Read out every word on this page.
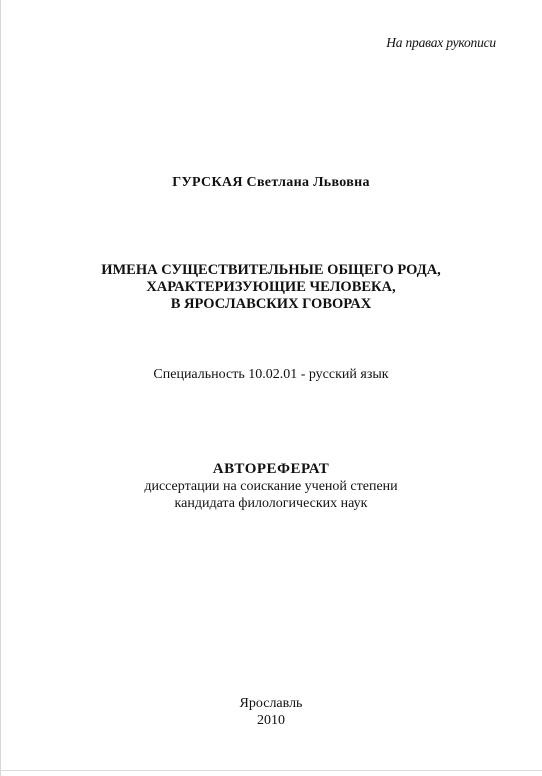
На правах рукописи
ГУРСКАЯ Светлана Львовна
ИМЕНА СУЩЕСТВИТЕЛЬНЫЕ ОБЩЕГО РОДА,
ХАРАКТЕРИЗУЮЩИЕ ЧЕЛОВЕКА,
В ЯРОСЛАВСКИХ ГОВОРАХ
Специальность 10.02.01 - русский язык
АВТОРЕФЕРАТ
диссертации на соискание ученой степени
кандидата филологических наук
Ярославль
2010
